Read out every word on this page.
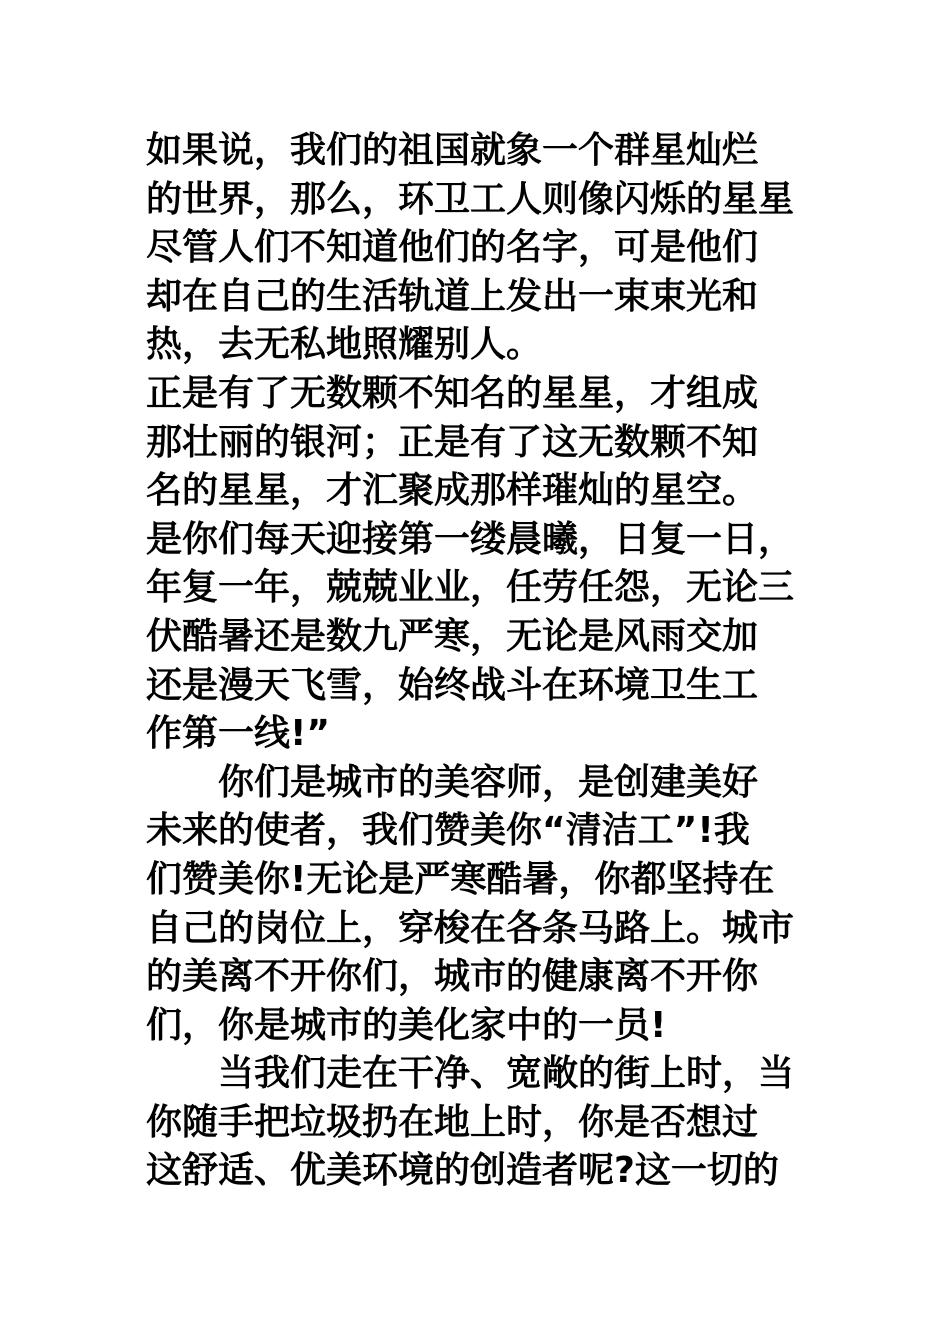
如果说，我们的祖国就象一个群星灿烂
的世界，那么，环卫工人则像闪烁的星星
尽管人们不知道他们的名字，可是他们
却在自己的生活轨道上发出一束束光和
热，去无私地照耀别人。
正是有了无数颗不知名的星星，才组成
那壮丽的银河；正是有了这无数颗不知
名的星星，才汇聚成那样璀灿的星空。
是你们每天迎接第一缕晨曦，日复一日，
年复一年，兢兢业业，任劳任怨，无论三
伏酷暑还是数九严寒，无论是风雨交加
还是漫天飞雪，始终战斗在环境卫生工
作第一线!”
　　你们是城市的美容师，是创建美好
未来的使者，我们赞美你“清洁工”!我
们赞美你!无论是严寒酷暑，你都坚持在
自己的岗位上，穿梭在各条马路上。城市
的美离不开你们，城市的健康离不开你
们，你是城市的美化家中的一员!
　　当我们走在干净、宽敞的街上时，当
你随手把垃圾扔在地上时，你是否想过
这舒适、优美环境的创造者呢?这一切的
